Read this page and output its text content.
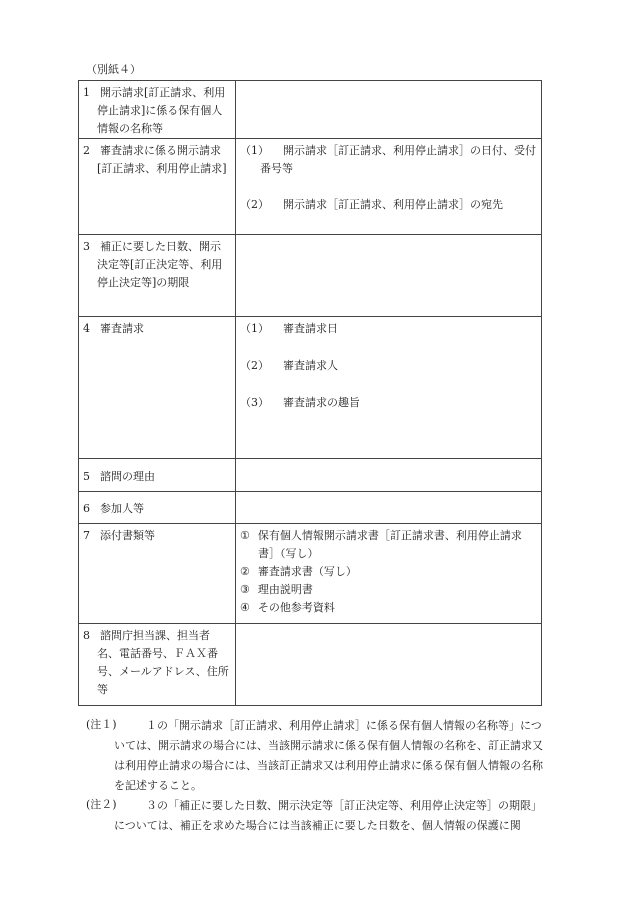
（別紙４）
1 開示請求[訂正請求、利用停止請求]に係る保有個人情報の名称等	

2 審査請求に係る開示請求[訂正請求、利用停止請求]	（1） 開示請求［訂正請求、利用停止請求］の日付、受付番号等
（2） 開示請求［訂正請求、利用停止請求］の宛先

3 補正に要した日数、開示決定等[訂正決定等、利用停止決定等]の期限	

4 審査請求	（1） 審査請求日
（2） 審査請求人
（3） 審査請求の趣旨

5 諮問の理由	
6 参加人等	

7 添付書類等	① 保有個人情報開示請求書［訂正請求書、利用停止請求書］（写し）
② 審査請求書（写し）
③ 理由説明書
④ その他参考資料

8 諮問庁担当課、担当者名、電話番号、ＦＡＸ番号、メールアドレス、住所等	

(注１)	１の「開示請求［訂正請求、利用停止請求］に係る保有個人情報の名称等」については、開示請求の場合には、当該開示請求に係る保有個人情報の名称を、訂正請求又は利用停止請求の場合には、当該訂正請求又は利用停止請求に係る保有個人情報の名称を記述すること。
(注２)	３の「補正に要した日数、開示決定等［訂正決定等、利用停止決定等］の期限」については、補正を求めた場合には当該補正に要した日数を、個人情報の保護に関
